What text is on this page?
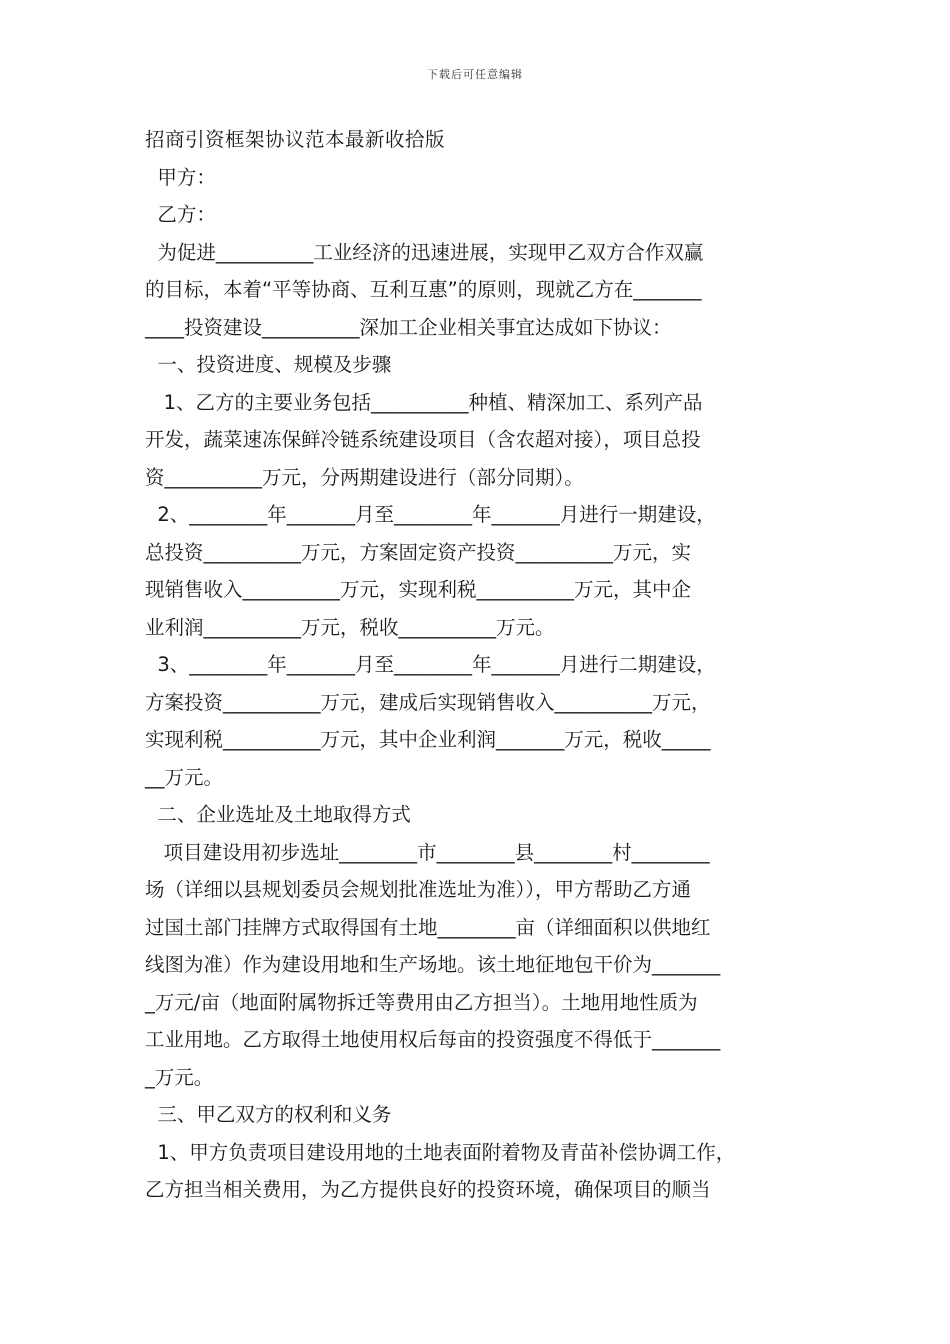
下载后可任意编辑
招商引资框架协议范本最新收拾版
甲方：
乙方：
为促进__________工业经济的迅速进展，实现甲乙双方合作双赢
的目标，本着“平等协商、互利互惠”的原则，现就乙方在_______
____投资建设__________深加工企业相关事宜达成如下协议：
一、投资进度、规模及步骤
1、乙方的主要业务包括__________种植、精深加工、系列产品
开发，蔬菜速冻保鲜冷链系统建设项目（含农超对接），项目总投
资__________万元，分两期建设进行（部分同期）。
2、________年_______月至________年_______月进行一期建设，
总投资__________万元，方案固定资产投资__________万元，实
现销售收入__________万元，实现利税__________万元，其中企
业利润__________万元，税收__________万元。
3、________年_______月至________年_______月进行二期建设，
方案投资__________万元，建成后实现销售收入__________万元，
实现利税__________万元，其中企业利润_______万元，税收_____
__万元。
二、企业选址及土地取得方式
项目建设用初步选址________市________县________村________
场（详细以县规划委员会规划批准选址为准）），甲方帮助乙方通
过国土部门挂牌方式取得国有土地________亩（详细面积以供地红
线图为准）作为建设用地和生产场地。该土地征地包干价为_______
_万元/亩（地面附属物拆迁等费用由乙方担当）。土地用地性质为
工业用地。乙方取得土地使用权后每亩的投资强度不得低于_______
_万元。
三、甲乙双方的权利和义务
1、甲方负责项目建设用地的土地表面附着物及青苗补偿协调工作，
乙方担当相关费用，为乙方提供良好的投资环境，确保项目的顺当
